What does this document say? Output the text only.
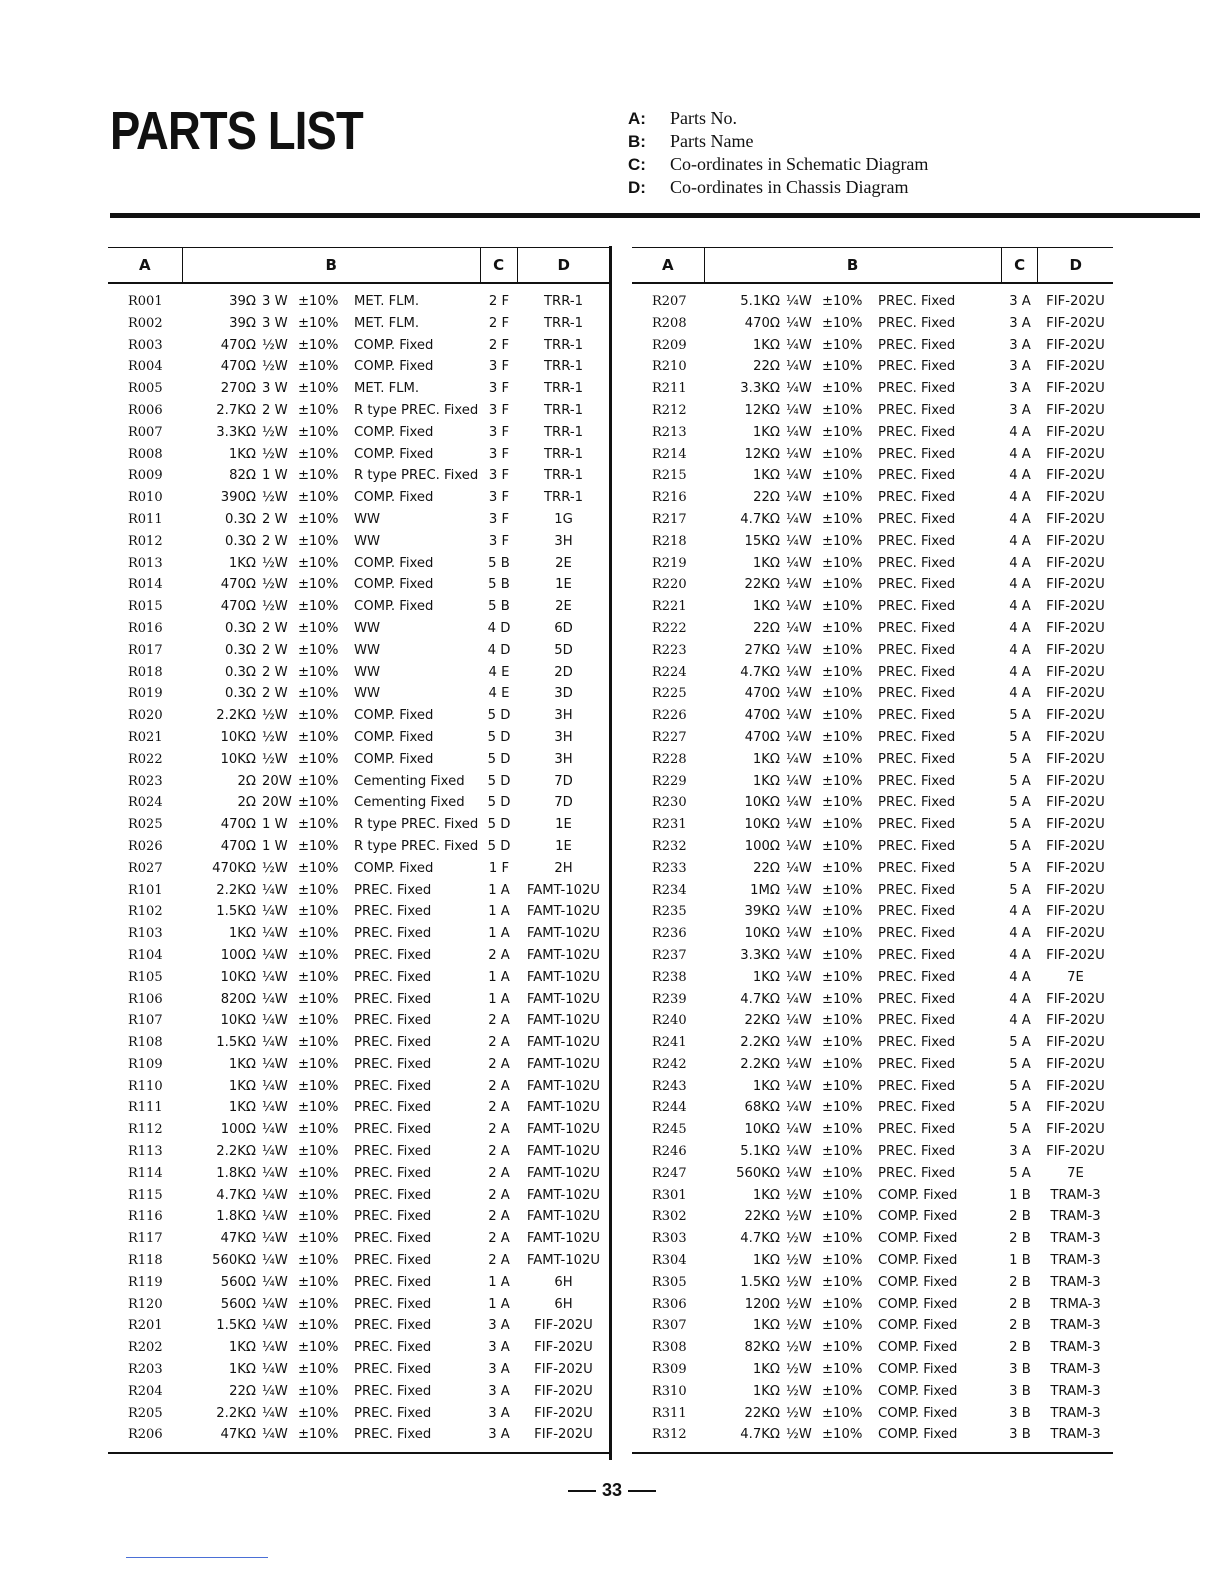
PARTS LIST	A: Parts No.
B: Parts Name
C: Co-ordinates in Schematic Diagram
D: Co-ordinates in Chassis Diagram
A	B	C	D
R001	39Ω 3 W ±10%	MET. FLM.	2 F	TRR-1
R002	39Ω 3 W ±10%	MET. FLM.	2 F	TRR-1
R003	470Ω ½W ±10%	COMP. Fixed	2 F	TRR-1
R004	470Ω ½W ±10%	COMP. Fixed	3 F	TRR-1
R005	270Ω 3 W ±10%	MET. FLM.	3 F	TRR-1
R006	2.7KΩ 2 W ±10%	R type PREC. Fixed 3 F	TRR-1
R007	3.3KΩ ½W ±10%	COMP. Fixed	3 F	TRR-1
R008	1KΩ ½W ±10%	COMP. Fixed	3 F	TRR-1
R009	82Ω 1 W ±10%	R type PREC. Fixed 3 F	TRR-1
R010	390Ω ½W ±10%	COMP. Fixed	3 F	TRR-1
R011	0.3Ω 2 W ±10%	WW	3 F	1G
R012	0.3Ω 2 W ±10%	WW	3 F	3H
R013	1KΩ ½W ±10%	COMP. Fixed	5 B	2E
R014	470Ω ½W ±10%	COMP. Fixed	5 B	1E
R015	470Ω ½W ±10%	COMP. Fixed	5 B	2E
R016	0.3Ω 2 W ±10%	WW	4 D	6D
R017	0.3Ω 2 W ±10%	WW	4 D	5D
R018	0.3Ω 2 W ±10%	WW	4 E	2D
R019	0.3Ω 2 W ±10%	WW	4 E	3D
R020	2.2KΩ ½W ±10%	COMP. Fixed	5 D	3H
R021	10KΩ ½W ±10%	COMP. Fixed	5 D	3H
R022	10KΩ ½W ±10%	COMP. Fixed	5 D	3H
R023	2Ω 20W ±10%	Cementing Fixed	5 D	7D
R024	2Ω 20W ±10%	Cementing Fixed	5 D	7D
R025	470Ω 1 W ±10%	R type PREC. Fixed 5 D	1E
R026	470Ω 1 W ±10%	R type PREC. Fixed 5 D	1E
R027	470KΩ ½W ±10%	COMP. Fixed	1 F	2H
R101	2.2KΩ ¼W ±10%	PREC. Fixed	1 A	FAMT-102U
R102	1.5KΩ ¼W ±10%	PREC. Fixed	1 A	FAMT-102U
R103	1KΩ ¼W ±10%	PREC. Fixed	1 A	FAMT-102U
R104	100Ω ¼W ±10%	PREC. Fixed	2 A	FAMT-102U
R105	10KΩ ¼W ±10%	PREC. Fixed	1 A	FAMT-102U
R106	820Ω ¼W ±10%	PREC. Fixed	1 A	FAMT-102U
R107	10KΩ ¼W ±10%	PREC. Fixed	2 A	FAMT-102U
R108	1.5KΩ ¼W ±10%	PREC. Fixed	2 A	FAMT-102U
R109	1KΩ ¼W ±10%	PREC. Fixed	2 A	FAMT-102U
R110	1KΩ ¼W ±10%	PREC. Fixed	2 A	FAMT-102U
R111	1KΩ ¼W ±10%	PREC. Fixed	2 A	FAMT-102U
R112	100Ω ¼W ±10%	PREC. Fixed	2 A	FAMT-102U
R113	2.2KΩ ¼W ±10%	PREC. Fixed	2 A	FAMT-102U
R114	1.8KΩ ¼W ±10%	PREC. Fixed	2 A	FAMT-102U
R115	4.7KΩ ¼W ±10%	PREC. Fixed	2 A	FAMT-102U
R116	1.8KΩ ¼W ±10%	PREC. Fixed	2 A	FAMT-102U
R117	47KΩ ¼W ±10%	PREC. Fixed	2 A	FAMT-102U
R118	560KΩ ¼W ±10%	PREC. Fixed	2 A	FAMT-102U
R119	560Ω ¼W ±10%	PREC. Fixed	1 A	6H
R120	560Ω ¼W ±10%	PREC. Fixed	1 A	6H
R201	1.5KΩ ¼W ±10%	PREC. Fixed	3 A	FIF-202U
R202	1KΩ ¼W ±10%	PREC. Fixed	3 A	FIF-202U
R203	1KΩ ¼W ±10%	PREC. Fixed	3 A	FIF-202U
R204	22Ω ¼W ±10%	PREC. Fixed	3 A	FIF-202U
R205	2.2KΩ ¼W ±10%	PREC. Fixed	3 A	FIF-202U
R206	47KΩ ¼W ±10%	PREC. Fixed	3 A	FIF-202U
A	B	C	D
R207	5.1KΩ ¼W ±10%	PREC. Fixed	3 A	FIF-202U
R208	470Ω ¼W ±10%	PREC. Fixed	3 A	FIF-202U
R209	1KΩ ¼W ±10%	PREC. Fixed	3 A	FIF-202U
R210	22Ω ¼W ±10%	PREC. Fixed	3 A	FIF-202U
R211	3.3KΩ ¼W ±10%	PREC. Fixed	3 A	FIF-202U
R212	12KΩ ¼W ±10%	PREC. Fixed	3 A	FIF-202U
R213	1KΩ ¼W ±10%	PREC. Fixed	4 A	FIF-202U
R214	12KΩ ¼W ±10%	PREC. Fixed	4 A	FIF-202U
R215	1KΩ ¼W ±10%	PREC. Fixed	4 A	FIF-202U
R216	22Ω ¼W ±10%	PREC. Fixed	4 A	FIF-202U
R217	4.7KΩ ¼W ±10%	PREC. Fixed	4 A	FIF-202U
R218	15KΩ ¼W ±10%	PREC. Fixed	4 A	FIF-202U
R219	1KΩ ¼W ±10%	PREC. Fixed	4 A	FIF-202U
R220	22KΩ ¼W ±10%	PREC. Fixed	4 A	FIF-202U
R221	1KΩ ¼W ±10%	PREC. Fixed	4 A	FIF-202U
R222	22Ω ¼W ±10%	PREC. Fixed	4 A	FIF-202U
R223	27KΩ ¼W ±10%	PREC. Fixed	4 A	FIF-202U
R224	4.7KΩ ¼W ±10%	PREC. Fixed	4 A	FIF-202U
R225	470Ω ¼W ±10%	PREC. Fixed	4 A	FIF-202U
R226	470Ω ¼W ±10%	PREC. Fixed	5 A	FIF-202U
R227	470Ω ¼W ±10%	PREC. Fixed	5 A	FIF-202U
R228	1KΩ ¼W ±10%	PREC. Fixed	5 A	FIF-202U
R229	1KΩ ¼W ±10%	PREC. Fixed	5 A	FIF-202U
R230	10KΩ ¼W ±10%	PREC. Fixed	5 A	FIF-202U
R231	10KΩ ¼W ±10%	PREC. Fixed	5 A	FIF-202U
R232	100Ω ¼W ±10%	PREC. Fixed	5 A	FIF-202U
R233	22Ω ¼W ±10%	PREC. Fixed	5 A	FIF-202U
R234	1MΩ ¼W ±10%	PREC. Fixed	5 A	FIF-202U
R235	39KΩ ¼W ±10%	PREC. Fixed	4 A	FIF-202U
R236	10KΩ ¼W ±10%	PREC. Fixed	4 A	FIF-202U
R237	3.3KΩ ¼W ±10%	PREC. Fixed	4 A	FIF-202U
R238	1KΩ ¼W ±10%	PREC. Fixed	4 A	7E
R239	4.7KΩ ¼W ±10%	PREC. Fixed	4 A	FIF-202U
R240	22KΩ ¼W ±10%	PREC. Fixed	4 A	FIF-202U
R241	2.2KΩ ¼W ±10%	PREC. Fixed	5 A	FIF-202U
R242	2.2KΩ ¼W ±10%	PREC. Fixed	5 A	FIF-202U
R243	1KΩ ¼W ±10%	PREC. Fixed	5 A	FIF-202U
R244	68KΩ ¼W ±10%	PREC. Fixed	5 A	FIF-202U
R245	10KΩ ¼W ±10%	PREC. Fixed	5 A	FIF-202U
R246	5.1KΩ ¼W ±10%	PREC. Fixed	3 A	FIF-202U
R247	560KΩ ¼W ±10%	PREC. Fixed	5 A	7E
R301	1KΩ ½W ±10%	COMP. Fixed	1 B	TRAM-3
R302	22KΩ ½W ±10%	COMP. Fixed	2 B	TRAM-3
R303	4.7KΩ ½W ±10%	COMP. Fixed	2 B	TRAM-3
R304	1KΩ ½W ±10%	COMP. Fixed	1 B	TRAM-3
R305	1.5KΩ ½W ±10%	COMP. Fixed	2 B	TRAM-3
R306	120Ω ½W ±10%	COMP. Fixed	2 B	TRMA-3
R307	1KΩ ½W ±10%	COMP. Fixed	2 B	TRAM-3
R308	82KΩ ½W ±10%	COMP. Fixed	2 B	TRAM-3
R309	1KΩ ½W ±10%	COMP. Fixed	3 B	TRAM-3
R310	1KΩ ½W ±10%	COMP. Fixed	3 B	TRAM-3
R311	22KΩ ½W ±10%	COMP. Fixed	3 B	TRAM-3
R312	4.7KΩ ½W ±10%	COMP. Fixed	3 B	TRAM-3
33
